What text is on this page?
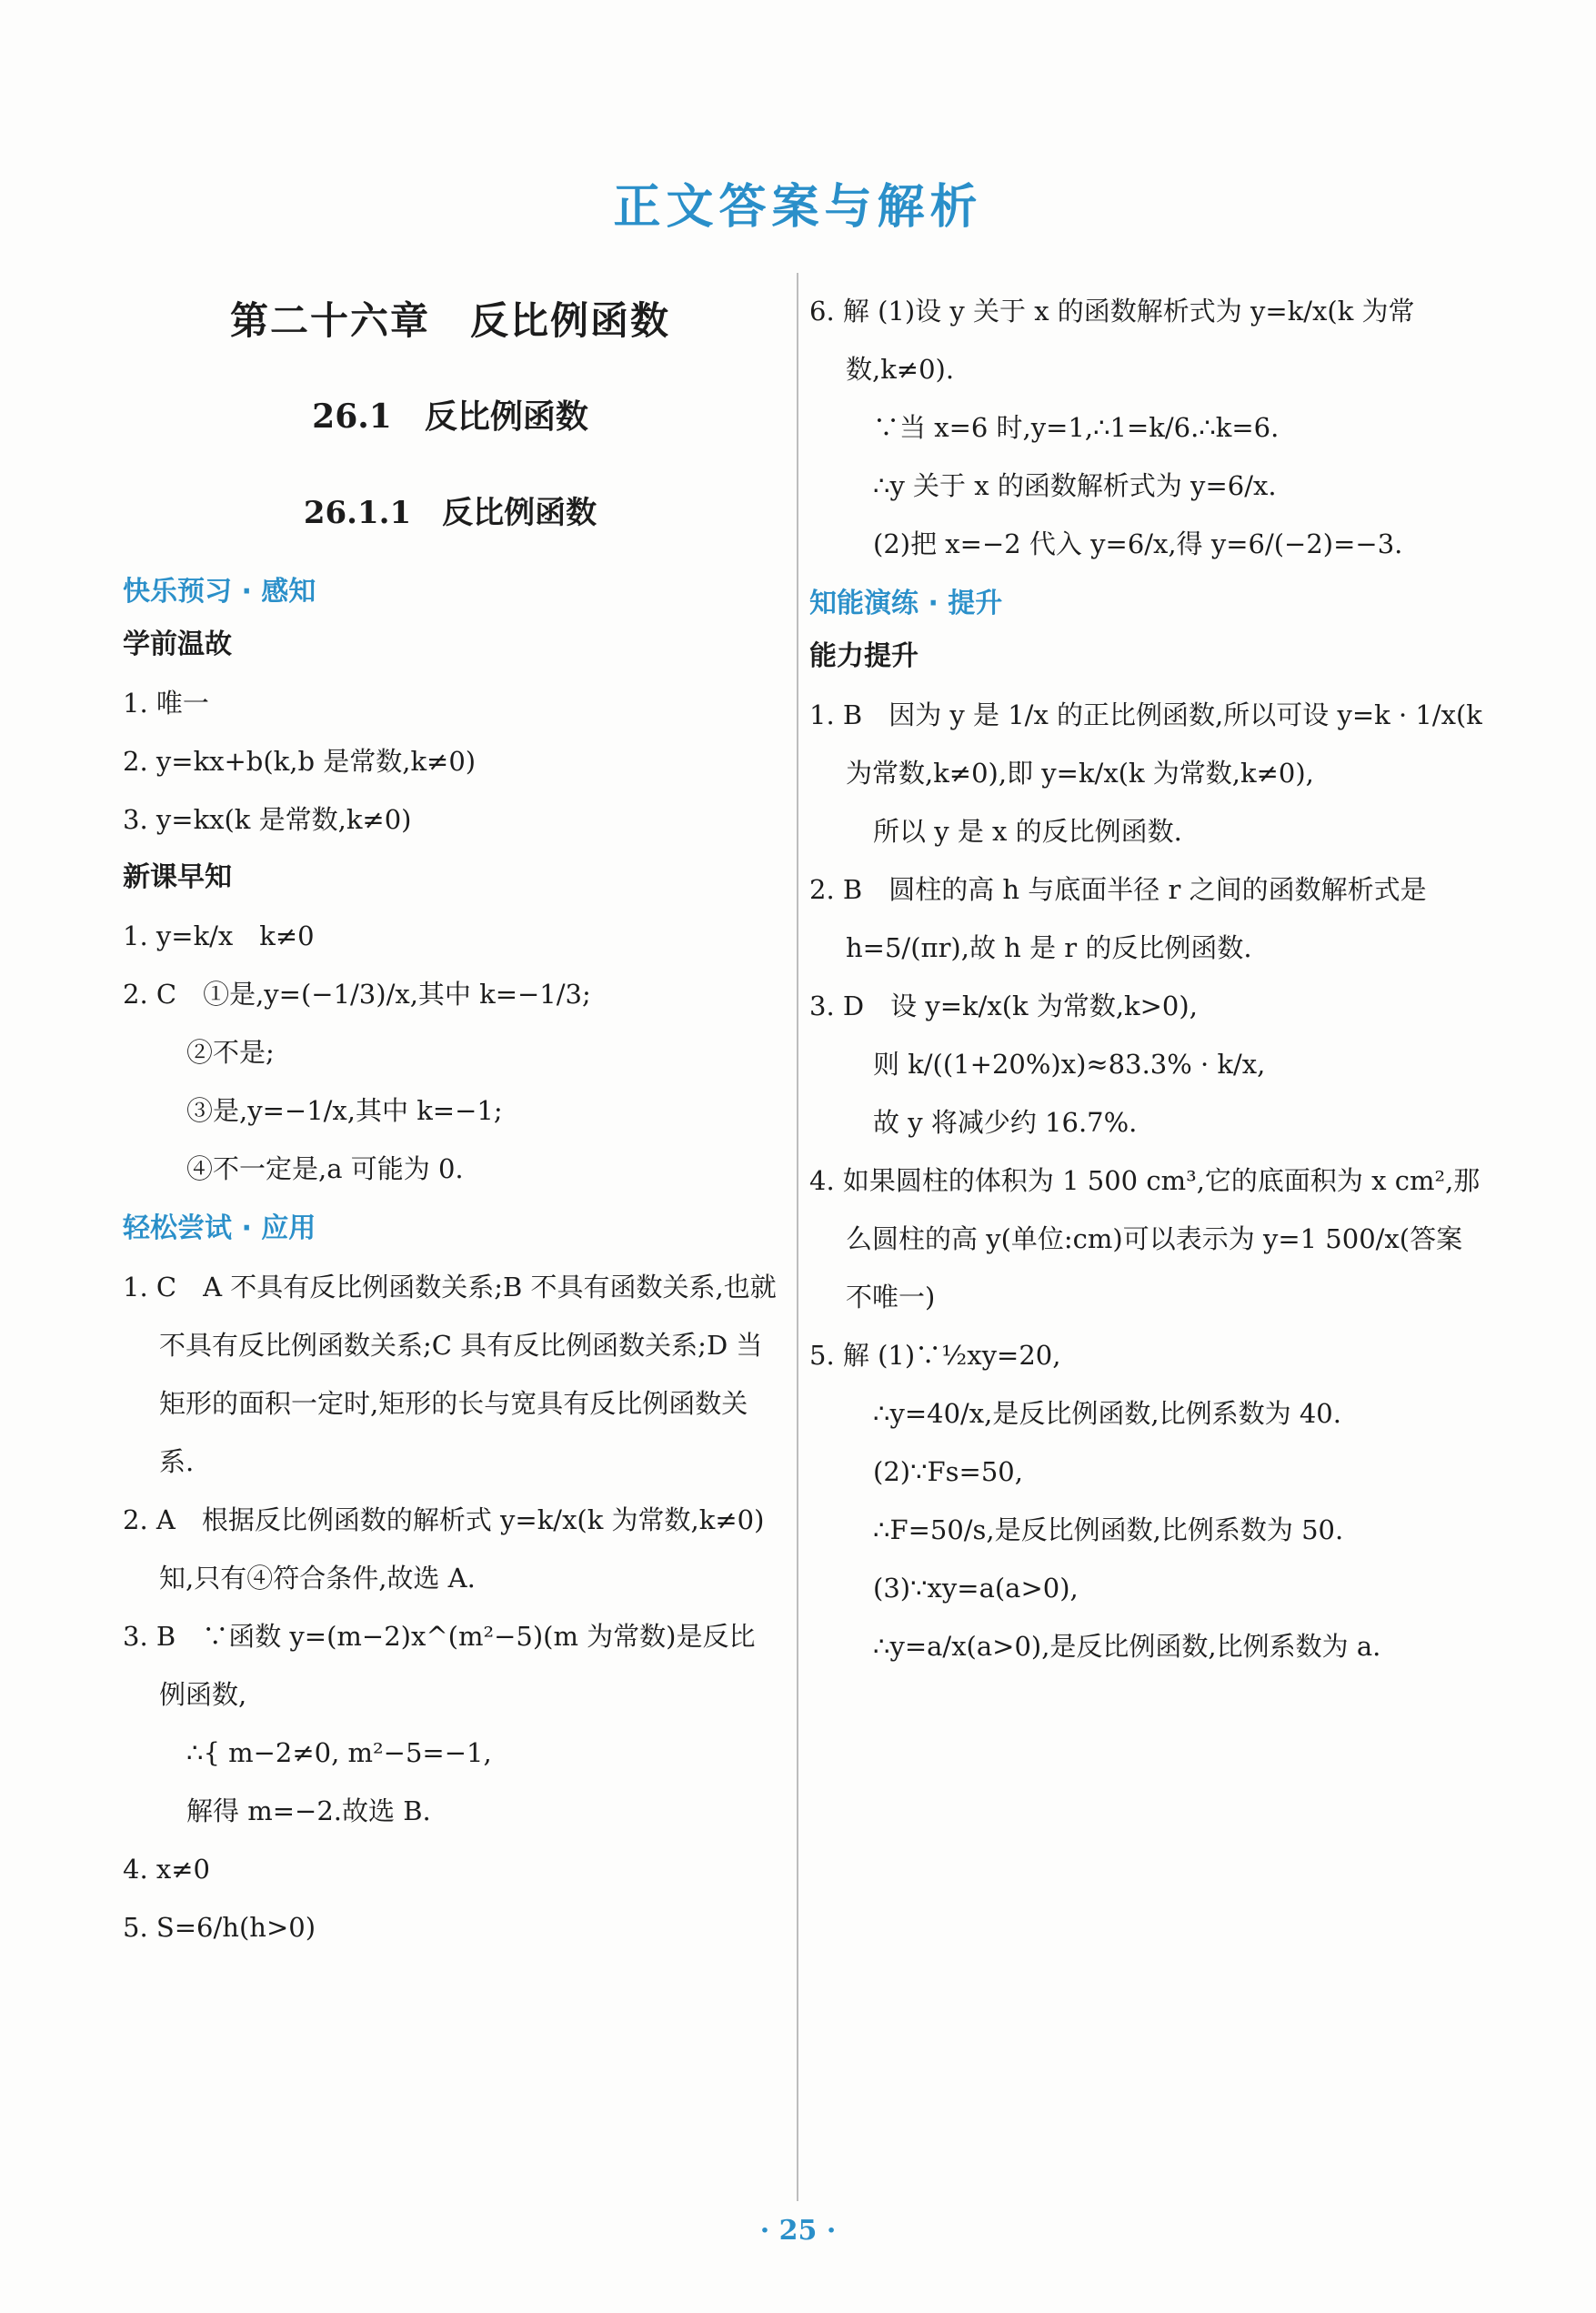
正文答案与解析
第二十六章　反比例函数
26.1　反比例函数
26.1.1　反比例函数
快乐预习 · 感知
学前温故
1. 唯一
2. y=kx+b(k,b 是常数,k≠0)
3. y=kx(k 是常数,k≠0)
新课早知
1. y=k/x　k≠0
2. C　①是,y=(−1/3)/x,其中 k=−1/3;
②不是;
③是,y=−1/x,其中 k=−1;
④不一定是,a 可能为 0.
轻松尝试 · 应用
1. C　A 不具有反比例函数关系;B 不具有函数关系,也就不具有反比例函数关系;C 具有反比例函数关系;D 当矩形的面积一定时,矩形的长与宽具有反比例函数关系.
2. A　根据反比例函数的解析式 y=k/x(k 为常数,k≠0)知,只有④符合条件,故选 A.
3. B　∵函数 y=(m−2)x^(m²−5)(m 为常数)是反比例函数,
∴{ m−2≠0, m²−5=−1,
解得 m=−2.故选 B.
4. x≠0
5. S=6/h(h>0)
6. 解 (1)设 y 关于 x 的函数解析式为 y=k/x(k 为常数,k≠0).
∵当 x=6 时,y=1,∴1=k/6.∴k=6.
∴y 关于 x 的函数解析式为 y=6/x.
(2)把 x=−2 代入 y=6/x,得 y=6/(−2)=−3.
知能演练 · 提升
能力提升
1. B　因为 y 是 1/x 的正比例函数,所以可设 y=k · 1/x(k 为常数,k≠0),即 y=k/x(k 为常数,k≠0),
所以 y 是 x 的反比例函数.
2. B　圆柱的高 h 与底面半径 r 之间的函数解析式是 h=5/(πr),故 h 是 r 的反比例函数.
3. D　设 y=k/x(k 为常数,k>0),
则 k/((1+20%)x)≈83.3% · k/x,
故 y 将减少约 16.7%.
4. 如果圆柱的体积为 1 500 cm³,它的底面积为 x cm²,那么圆柱的高 y(单位:cm)可以表示为 y=1 500/x(答案不唯一)
5. 解 (1)∵½xy=20,
∴y=40/x,是反比例函数,比例系数为 40.
(2)∵Fs=50,
∴F=50/s,是反比例函数,比例系数为 50.
(3)∵xy=a(a>0),
∴y=a/x(a>0),是反比例函数,比例系数为 a.
· 25 ·
